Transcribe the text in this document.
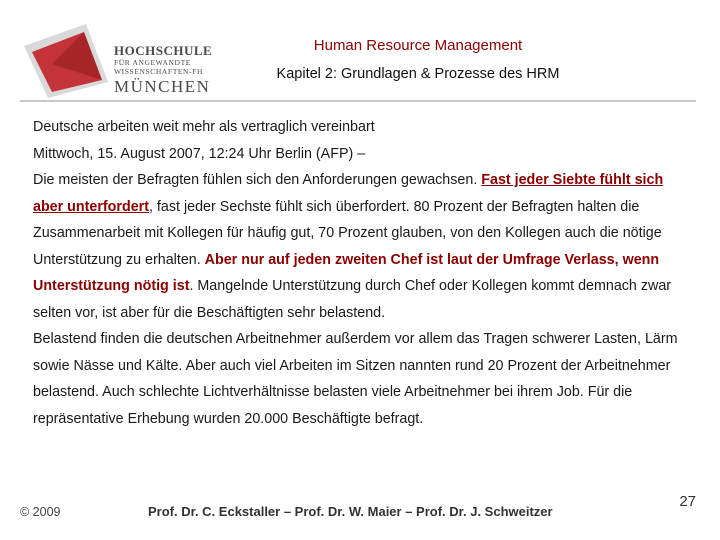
HOCHSCHULE
FÜR ANGEWANDTE
WISSENSCHAFTEN-FH
MÜNCHEN
Human Resource Management
Kapitel 2: Grundlagen & Prozesse des HRM

Deutsche arbeiten weit mehr als vertraglich vereinbart

Mittwoch, 15. August 2007, 12:24 Uhr Berlin (AFP) –

Die meisten der Befragten fühlen sich den Anforderungen gewachsen. Fast jeder Siebte fühlt sich aber unterfordert, fast jeder Sechste fühlt sich überfordert. 80 Prozent der Befragten halten die Zusammenarbeit mit Kollegen für häufig gut, 70 Prozent glauben, von den Kollegen auch die nötige Unterstützung zu erhalten. Aber nur auf jeden zweiten Chef ist laut der Umfrage Verlass, wenn Unterstützung nötig ist. Mangelnde Unterstützung durch Chef oder Kollegen kommt demnach zwar selten vor, ist aber für die Beschäftigten sehr belastend.

Belastend finden die deutschen Arbeitnehmer außerdem vor allem das Tragen schwerer Lasten, Lärm sowie Nässe und Kälte. Aber auch viel Arbeiten im Sitzen nannten rund 20 Prozent der Arbeitnehmer belastend. Auch schlechte Lichtverhältnisse belasten viele Arbeitnehmer bei ihrem Job. Für die repräsentative Erhebung wurden 20.000 Beschäftigte befragt.

© 2009	Prof. Dr. C. Eckstaller – Prof. Dr. W. Maier – Prof. Dr. J. Schweitzer
27
